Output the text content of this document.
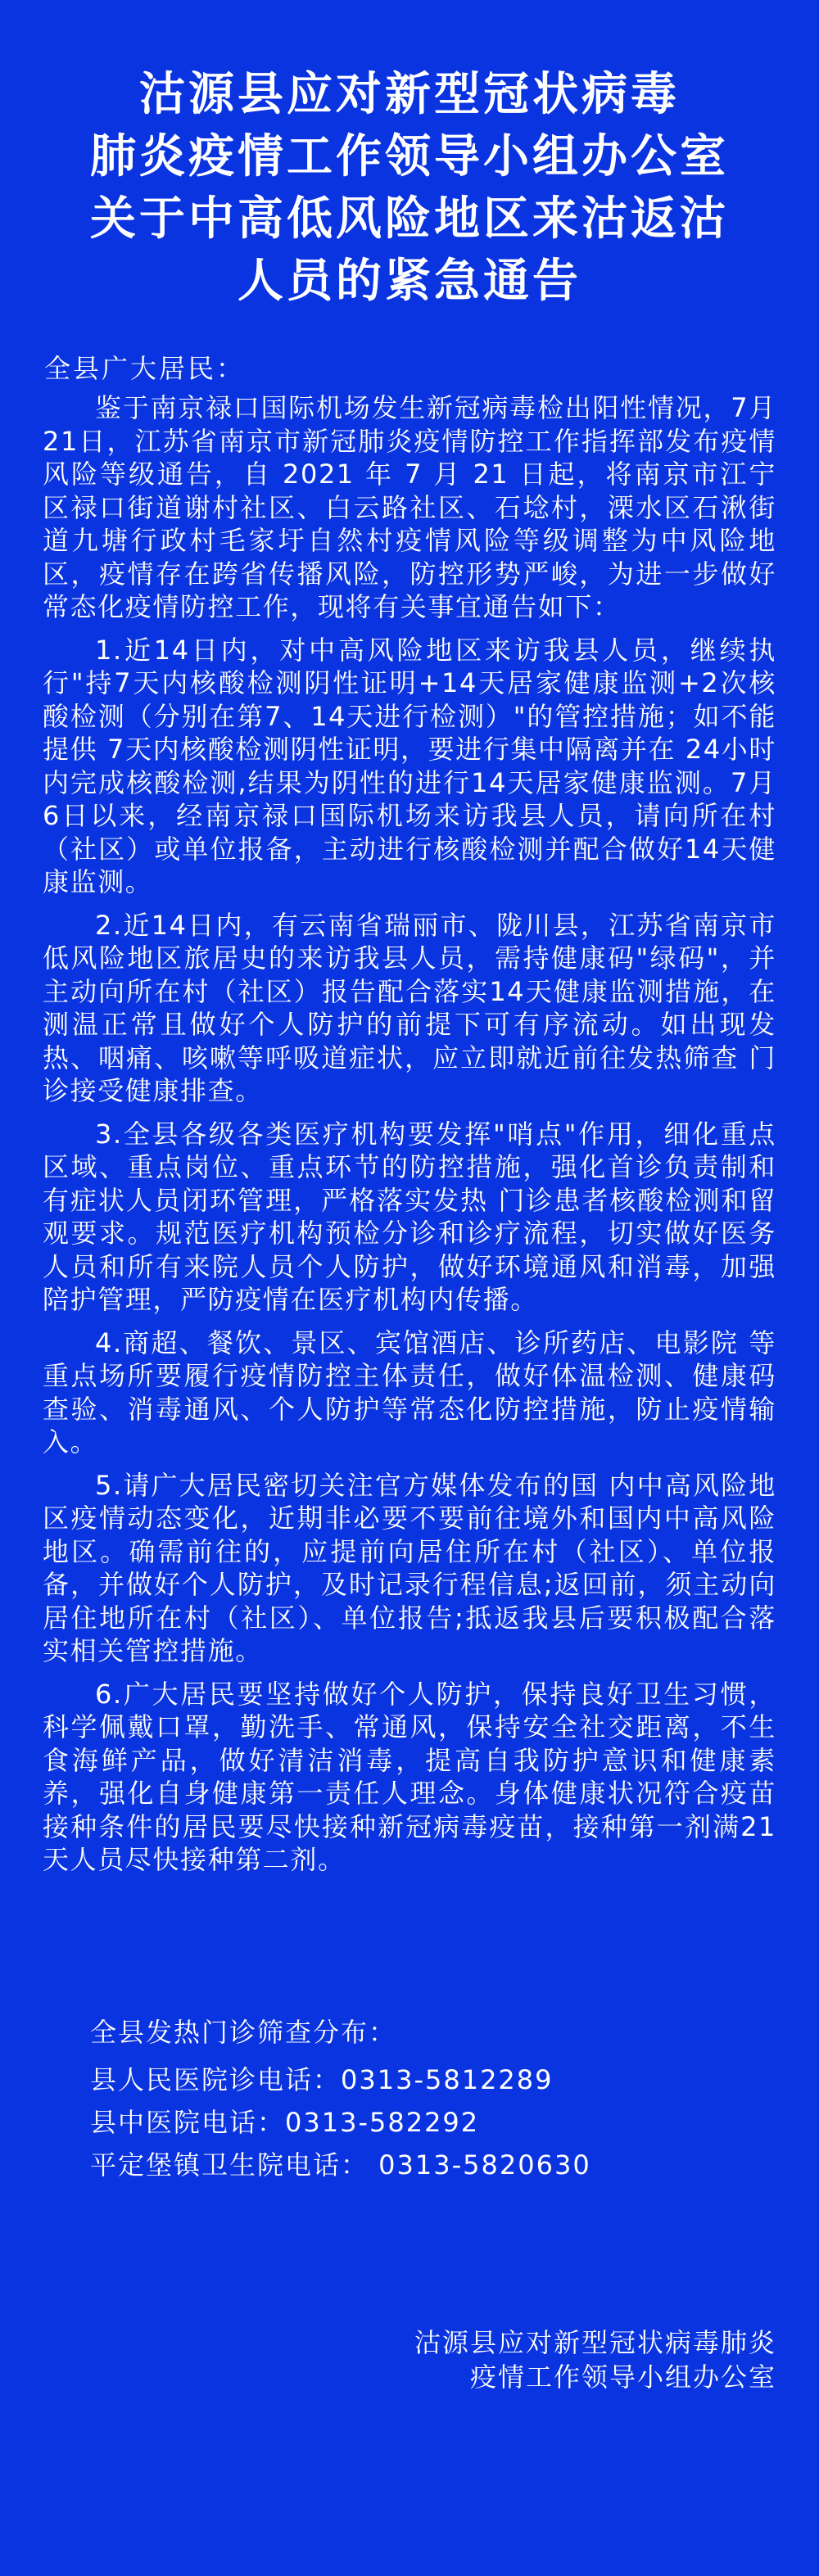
沽源县应对新型冠状病毒
肺炎疫情工作领导小组办公室
关于中高低风险地区来沽返沽
人员的紧急通告

全县广大居民：

鉴于南京禄口国际机场发生新冠病毒检出阳性情况，7月21日，江苏省南京市新冠肺炎疫情防控工作指挥部发布疫情风险等级通告，自 2021 年 7 月 21 日起，将南京市江宁区禄口街道谢村社区、白云路社区、石埝村，溧水区石湫街道九塘行政村毛家圩自然村疫情风险等级调整为中风险地区，疫情存在跨省传播风险，防控形势严峻，为进一步做好常态化疫情防控工作，现将有关事宜通告如下：

1.近14日内，对中高风险地区来访我县人员，继续执行"持7天内核酸检测阴性证明+14天居家健康监测+2次核酸检测（分别在第7、14天进行检测）"的管控措施；如不能提供 7天内核酸检测阴性证明，要进行集中隔离并在 24小时内完成核酸检测,结果为阴性的进行14天居家健康监测。7月6日以来，经南京禄口国际机场来访我县人员，请向所在村（社区）或单位报备，主动进行核酸检测并配合做好14天健康监测。

2.近14日内，有云南省瑞丽市、陇川县，江苏省南京市低风险地区旅居史的来访我县人员，需持健康码"绿码"，并主动向所在村（社区）报告配合落实14天健康监测措施，在测温正常且做好个人防护的前提下可有序流动。如出现发热、咽痛、咳嗽等呼吸道症状，应立即就近前往发热筛查 门诊接受健康排查。

3.全县各级各类医疗机构要发挥"哨点"作用，细化重点区域、重点岗位、重点环节的防控措施，强化首诊负责制和有症状人员闭环管理，严格落实发热 门诊患者核酸检测和留观要求。规范医疗机构预检分诊和诊疗流程，切实做好医务人员和所有来院人员个人防护，做好环境通风和消毒，加强陪护管理，严防疫情在医疗机构内传播。

4.商超、餐饮、景区、宾馆酒店、诊所药店、电影院 等重点场所要履行疫情防控主体责任，做好体温检测、健康码查验、消毒通风、个人防护等常态化防控措施，防止疫情输入。

5.请广大居民密切关注官方媒体发布的国 内中高风险地区疫情动态变化，近期非必要不要前往境外和国内中高风险地区。确需前往的，应提前向居住所在村（社区）、单位报备，并做好个人防护，及时记录行程信息;返回前，须主动向居住地所在村（社区）、单位报告;抵返我县后要积极配合落实相关管控措施。

6.广大居民要坚持做好个人防护，保持良好卫生习惯，科学佩戴口罩，勤洗手、常通风，保持安全社交距离，不生食海鲜产品，做好清洁消毒，提高自我防护意识和健康素养，强化自身健康第一责任人理念。身体健康状况符合疫苗接种条件的居民要尽快接种新冠病毒疫苗，接种第一剂满21天人员尽快接种第二剂。

全县发热门诊筛查分布：

县人民医院诊电话：0313-5812289

县中医院电话：0313-582292

平定堡镇卫生院电话： 0313-5820630

沽源县应对新型冠状病毒肺炎
疫情工作领导小组办公室
